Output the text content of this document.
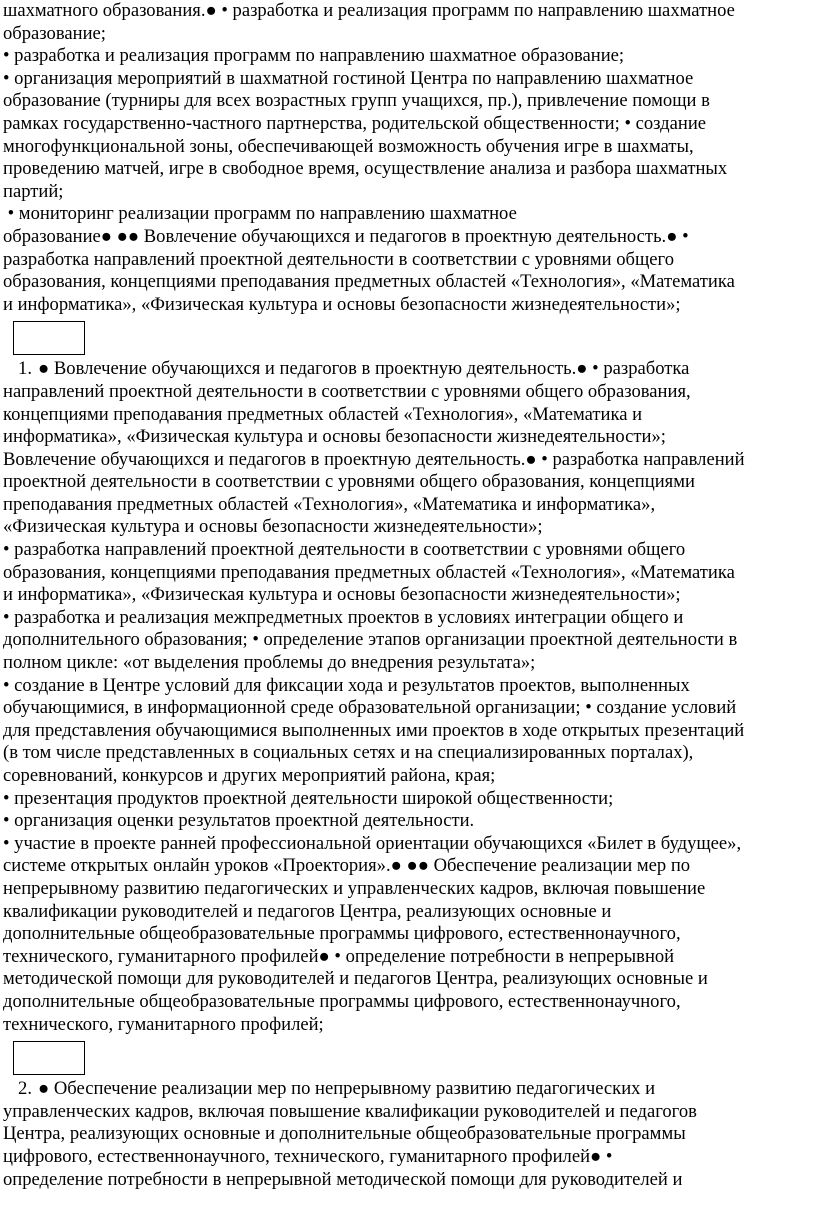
шахматного образования.● • разработка и реализация программ по направлению шахматное
образование;
• разработка и реализация программ по направлению шахматное образование;
• организация мероприятий в шахматной гостиной Центра по направлению шахматное
образование (турниры для всех возрастных групп учащихся, пр.), привлечение помощи в
рамках государственно-частного партнерства, родительской общественности; • создание
многофункциональной зоны, обеспечивающей возможность обучения игре в шахматы,
проведению матчей, игре в свободное время, осуществление анализа и разбора шахматных
партий;
• мониторинг реализации программ по направлению шахматное
образование● ●● Вовлечение обучающихся и педагогов в проектную деятельность.● •
разработка направлений проектной деятельности в соответствии с уровнями общего
образования, концепциями преподавания предметных областей «Технология», «Математика
и информатика», «Физическая культура и основы безопасности жизнедеятельности»;
1. ● Вовлечение обучающихся и педагогов в проектную деятельность.● • разработка
направлений проектной деятельности в соответствии с уровнями общего образования,
концепциями преподавания предметных областей «Технология», «Математика и
информатика», «Физическая культура и основы безопасности жизнедеятельности»;
Вовлечение обучающихся и педагогов в проектную деятельность.● • разработка направлений
проектной деятельности в соответствии с уровнями общего образования, концепциями
преподавания предметных областей «Технология», «Математика и информатика»,
«Физическая культура и основы безопасности жизнедеятельности»;
• разработка направлений проектной деятельности в соответствии с уровнями общего
образования, концепциями преподавания предметных областей «Технология», «Математика
и информатика», «Физическая культура и основы безопасности жизнедеятельности»;
• разработка и реализация межпредметных проектов в условиях интеграции общего и
дополнительного образования; • определение этапов организации проектной деятельности в
полном цикле: «от выделения проблемы до внедрения результата»;
• создание в Центре условий для фиксации хода и результатов проектов, выполненных
обучающимися, в информационной среде образовательной организации; • создание условий
для представления обучающимися выполненных ими проектов в ходе открытых презентаций
(в том числе представленных в социальных сетях и на специализированных порталах),
соревнований, конкурсов и других мероприятий района, края;
• презентация продуктов проектной деятельности широкой общественности;
• организация оценки результатов проектной деятельности.
• участие в проекте ранней профессиональной ориентации обучающихся «Билет в будущее»,
системе открытых онлайн уроков «Проектория».● ●● Обеспечение реализации мер по
непрерывному развитию педагогических и управленческих кадров, включая повышение
квалификации руководителей и педагогов Центра, реализующих основные и
дополнительные общеобразовательные программы цифрового, естественнонаучного,
технического, гуманитарного профилей● • определение потребности в непрерывной
методической помощи для руководителей и педагогов Центра, реализующих основные и
дополнительные общеобразовательные программы цифрового, естественнонаучного,
технического, гуманитарного профилей;
2. ● Обеспечение реализации мер по непрерывному развитию педагогических и
управленческих кадров, включая повышение квалификации руководителей и педагогов
Центра, реализующих основные и дополнительные общеобразовательные программы
цифрового, естественнонаучного, технического, гуманитарного профилей● •
определение потребности в непрерывной методической помощи для руководителей и
